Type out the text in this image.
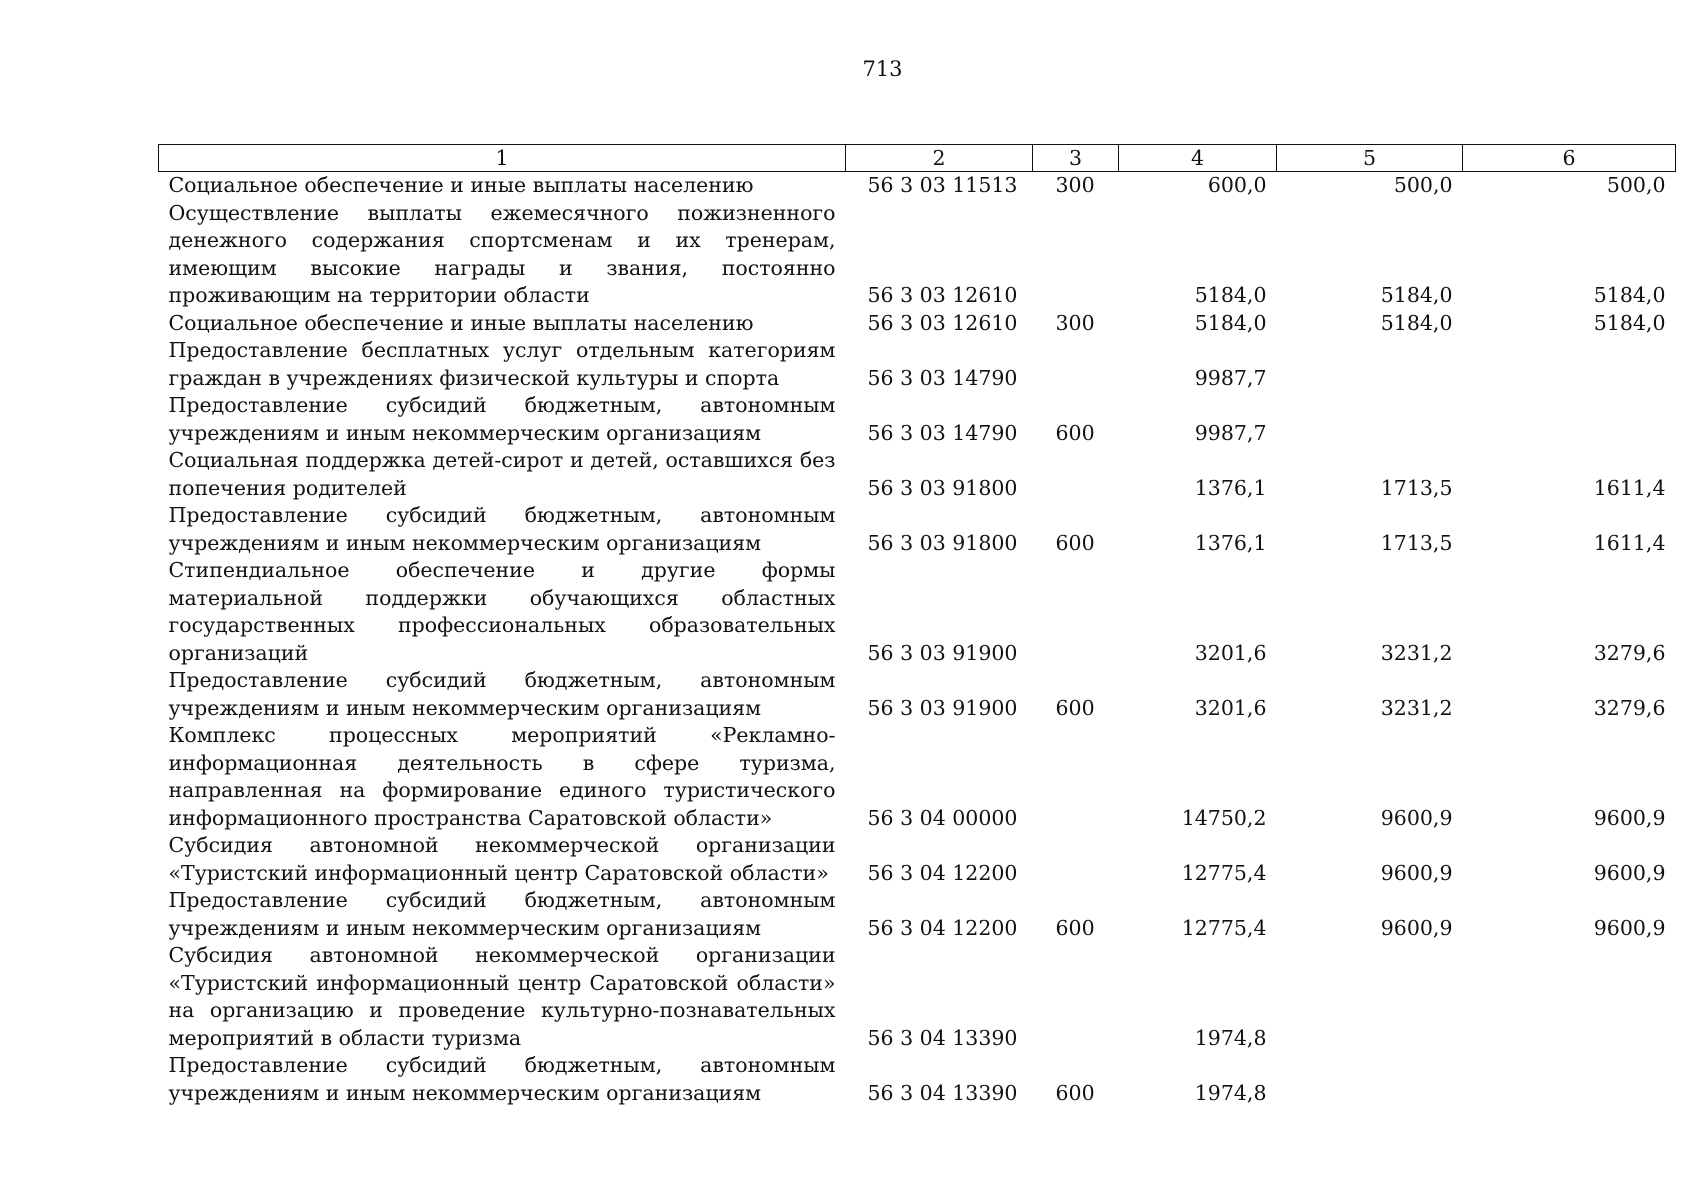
713
1	2	3	4	5	6
Социальное обеспечение и иные выплаты населению	56 3 03 11513	300	600,0	500,0	500,0
Осуществление выплаты ежемесячного пожизненного денежного содержания спортсменам и их тренерам, имеющим высокие награды и звания, постоянно проживающим на территории области	56 3 03 12610		5184,0	5184,0	5184,0
Социальное обеспечение и иные выплаты населению	56 3 03 12610	300	5184,0	5184,0	5184,0
Предоставление бесплатных услуг отдельным категориям граждан в учреждениях физической культуры и спорта	56 3 03 14790		9987,7		
Предоставление субсидий бюджетным, автономным учреждениям и иным некоммерческим организациям	56 3 03 14790	600	9987,7		
Социальная поддержка детей-сирот и детей, оставшихся без попечения родителей	56 3 03 91800		1376,1	1713,5	1611,4
Предоставление субсидий бюджетным, автономным учреждениям и иным некоммерческим организациям	56 3 03 91800	600	1376,1	1713,5	1611,4
Стипендиальное обеспечение и другие формы материальной поддержки обучающихся областных государственных профессиональных образовательных организаций	56 3 03 91900		3201,6	3231,2	3279,6
Предоставление субсидий бюджетным, автономным учреждениям и иным некоммерческим организациям	56 3 03 91900	600	3201,6	3231,2	3279,6
Комплекс процессных мероприятий «Рекламно-информационная деятельность в сфере туризма, направленная на формирование единого туристического информационного пространства Саратовской области»	56 3 04 00000		14750,2	9600,9	9600,9
Субсидия автономной некоммерческой организации «Туристский информационный центр Саратовской области»	56 3 04 12200		12775,4	9600,9	9600,9
Предоставление субсидий бюджетным, автономным учреждениям и иным некоммерческим организациям	56 3 04 12200	600	12775,4	9600,9	9600,9
Субсидия автономной некоммерческой организации «Туристский информационный центр Саратовской области» на организацию и проведение культурно-познавательных мероприятий в области туризма	56 3 04 13390		1974,8		
Предоставление субсидий бюджетным, автономным учреждениям и иным некоммерческим организациям	56 3 04 13390	600	1974,8		
